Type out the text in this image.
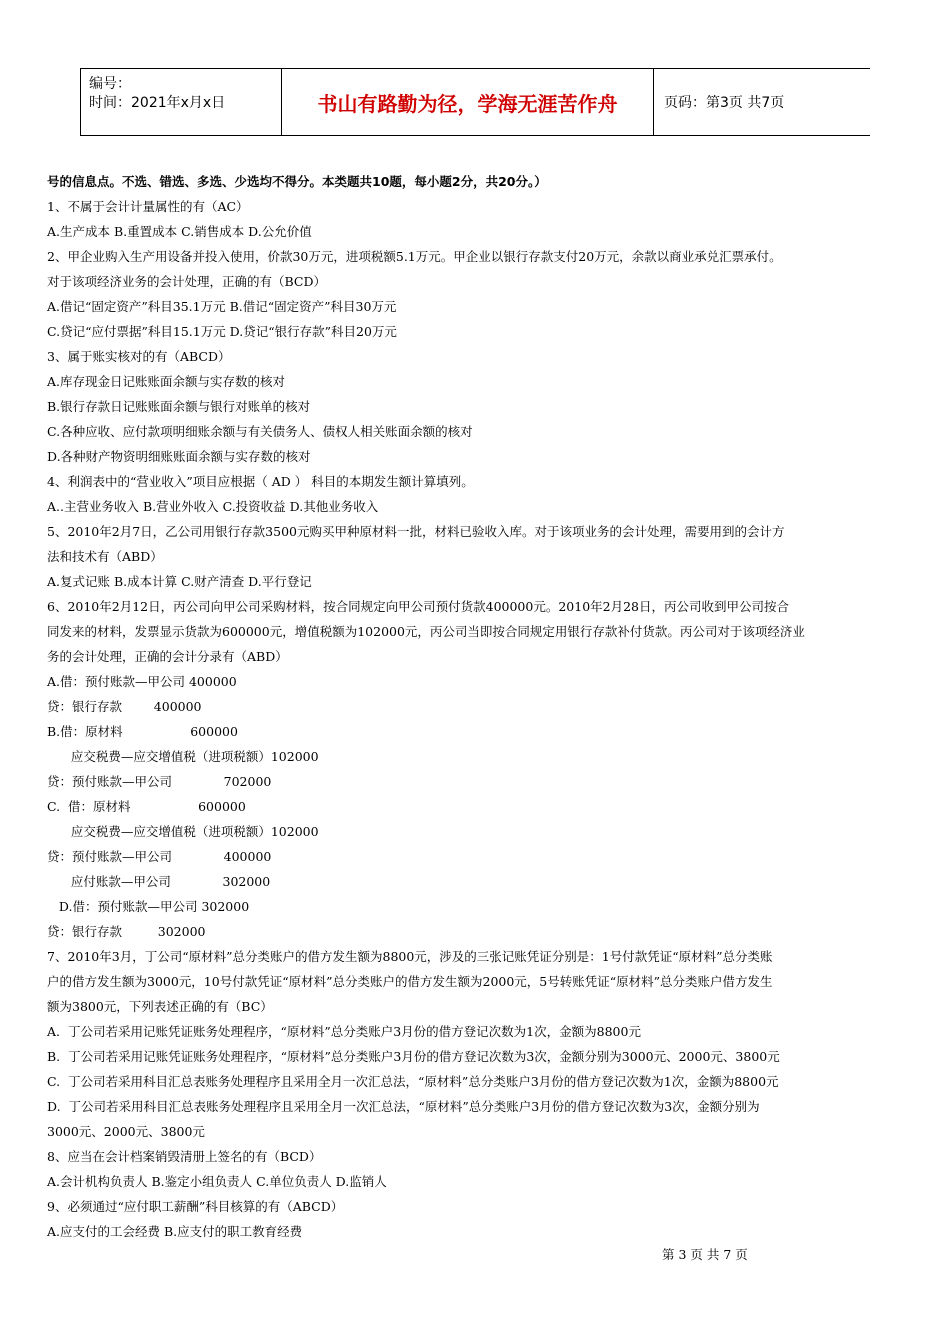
编号：
时间：2021年x月x日	书山有路勤为径，学海无涯苦作舟	页码：第3页 共7页
号的信息点。不选、错选、多选、少选均不得分。本类题共10题，每小题2分，共20分。）
1、不属于会计计量属性的有（AC）
A.生产成本 B.重置成本 C.销售成本 D.公允价值
2、甲企业购入生产用设备并投入使用，价款30万元，进项税额5.1万元。甲企业以银行存款支付20万元，余款以商业承兑汇票承付。
对于该项经济业务的会计处理，正确的有（BCD）
A.借记“固定资产”科目35.1万元 B.借记“固定资产”科目30万元
C.贷记“应付票据”科目15.1万元 D.贷记“银行存款”科目20万元
3、属于账实核对的有（ABCD）
A.库存现金日记账账面余额与实存数的核对
B.银行存款日记账账面余额与银行对账单的核对
C.各种应收、应付款项明细账余额与有关债务人、债权人相关账面余额的核对
D.各种财产物资明细账账面余额与实存数的核对
4、利润表中的“营业收入”项目应根据（ AD ） 科目的本期发生额计算填列。
A..主营业务收入 B.营业外收入 C.投资收益 D.其他业务收入
5、2010年2月7日，乙公司用银行存款3500元购买甲种原材料一批，材料已验收入库。对于该项业务的会计处理，需要用到的会计方
法和技术有（ABD）
A.复式记账 B.成本计算 C.财产清查 D.平行登记
6、2010年2月12日，丙公司向甲公司采购材料，按合同规定向甲公司预付货款400000元。2010年2月28日，丙公司收到甲公司按合
同发来的材料，发票显示货款为600000元，增值税额为102000元，丙公司当即按合同规定用银行存款补付货款。丙公司对于该项经济业
务的会计处理，正确的会计分录有（ABD）
A.借：预付账款—甲公司 400000
贷：银行存款        400000
B.借：原材料                 600000
应交税费—应交增值税（进项税额）102000
贷：预付账款—甲公司             702000
C.  借：原材料                 600000
应交税费—应交增值税（进项税额）102000
贷：预付账款—甲公司             400000
应付账款—甲公司             302000
D.借：预付账款—甲公司 302000
贷：银行存款         302000
7、2010年3月，丁公司“原材料”总分类账户的借方发生额为8800元，涉及的三张记账凭证分别是：1号付款凭证“原材料”总分类账
户的借方发生额为3000元，10号付款凭证“原材料”总分类账户的借方发生额为2000元，5号转账凭证“原材料”总分类账户借方发生
额为3800元，下列表述正确的有（BC）
A.  丁公司若采用记账凭证账务处理程序，“原材料”总分类账户3月份的借方登记次数为1次，金额为8800元
B.  丁公司若采用记账凭证账务处理程序，“原材料”总分类账户3月份的借方登记次数为3次，金额分别为3000元、2000元、3800元
C.  丁公司若采用科目汇总表账务处理程序且采用全月一次汇总法，“原材料”总分类账户3月份的借方登记次数为1次，金额为8800元
D.  丁公司若采用科目汇总表账务处理程序且采用全月一次汇总法，“原材料”总分类账户3月份的借方登记次数为3次，金额分别为
3000元、2000元、3800元
8、应当在会计档案销毁清册上签名的有（BCD）
A.会计机构负责人 B.鉴定小组负责人 C.单位负责人 D.监销人
9、必须通过“应付职工薪酬”科目核算的有（ABCD）
A.应支付的工会经费 B.应支付的职工教育经费
第 3 页 共 7 页
